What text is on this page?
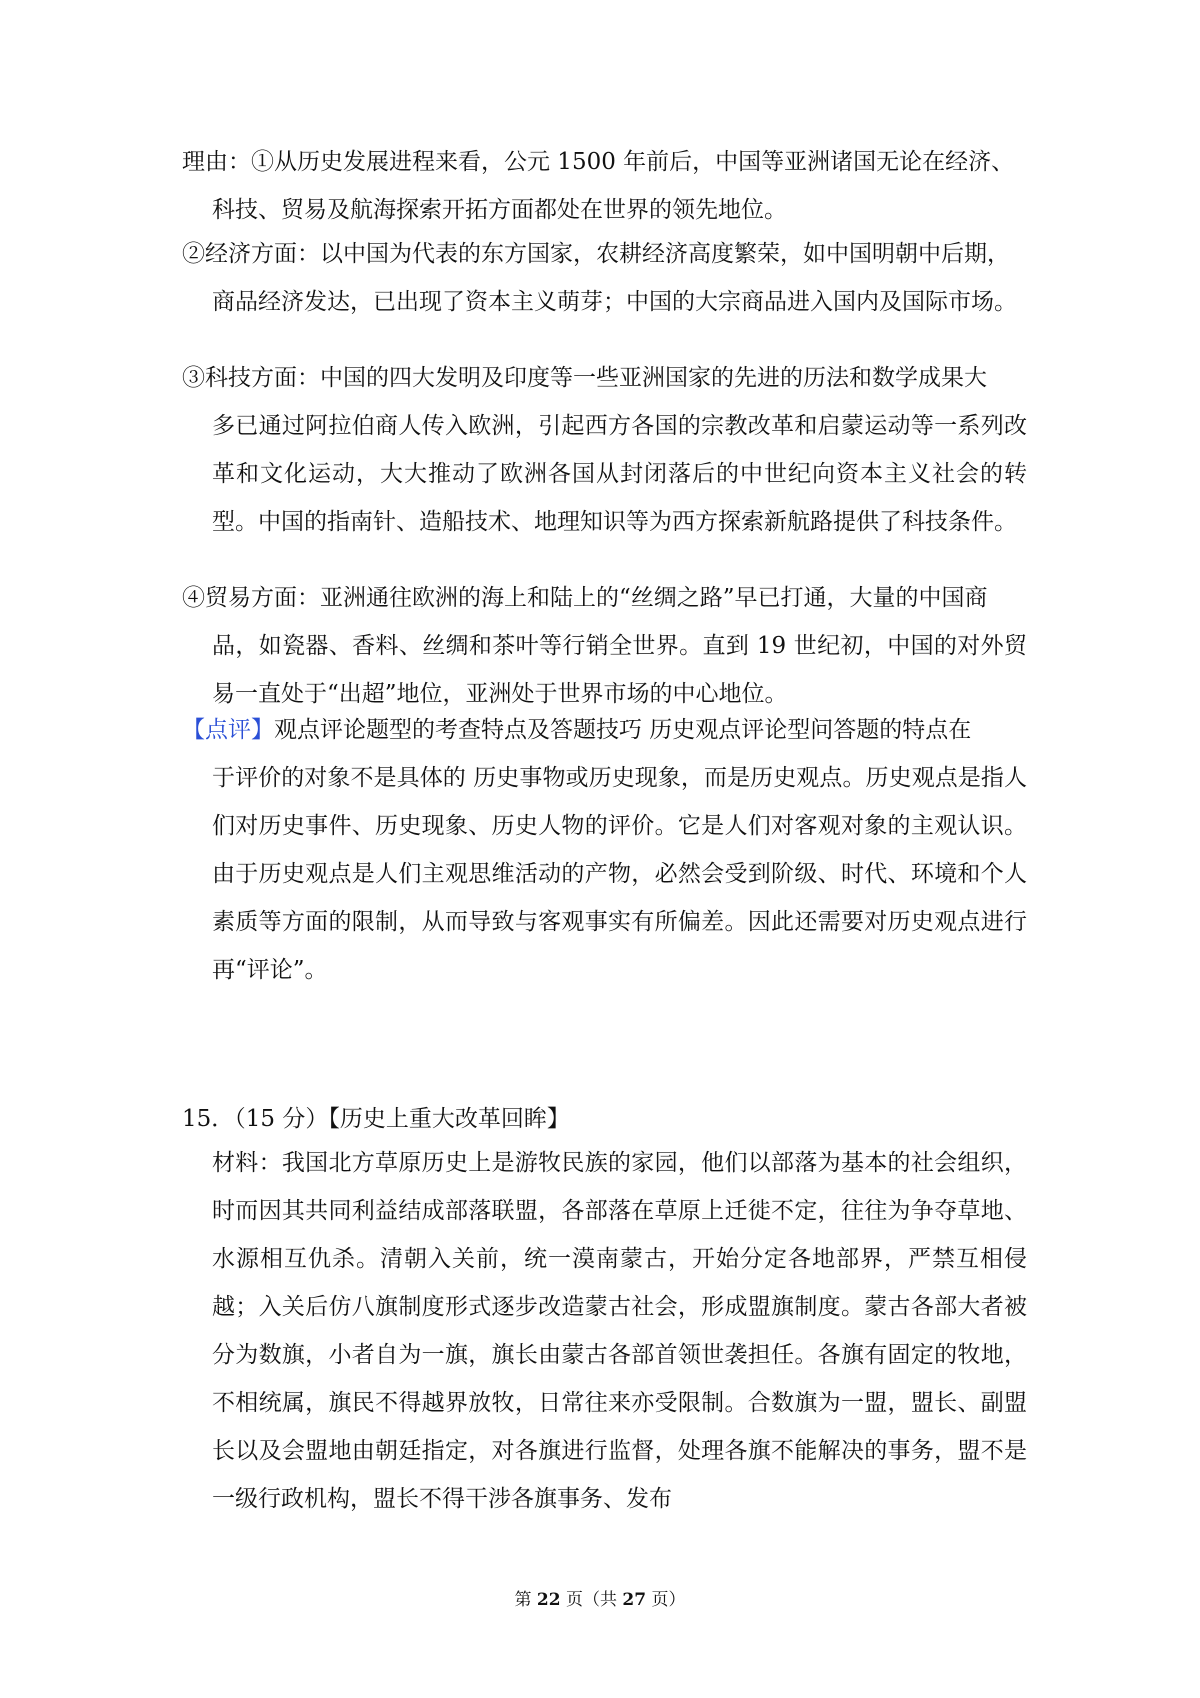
理由：①从历史发展进程来看，公元 1500 年前后，中国等亚洲诸国无论在经济、
科技、贸易及航海探索开拓方面都处在世界的领先地位。
②经济方面：以中国为代表的东方国家，农耕经济高度繁荣，如中国明朝中后期，
商品经济发达，已出现了资本主义萌芽；中国的大宗商品进入国内及国际市场。
③科技方面：中国的四大发明及印度等一些亚洲国家的先进的历法和数学成果大
多已通过阿拉伯商人传入欧洲，引起西方各国的宗教改革和启蒙运动等一系列改革和文化运动，大大推动了欧洲各国从封闭落后的中世纪向资本主义社会的转型。中国的指南针、造船技术、地理知识等为西方探索新航路提供了科技条件。
④贸易方面：亚洲通往欧洲的海上和陆上的“丝绸之路”早已打通，大量的中国商
品，如瓷器、香料、丝绸和茶叶等行销全世界。直到 19 世纪初，中国的对外贸易一直处于“出超”地位，亚洲处于世界市场的中心地位。
【点评】观点评论题型的考查特点及答题技巧 历史观点评论型问答题的特点在
于评价的对象不是具体的 历史事物或历史现象，而是历史观点。历史观点是指人们对历史事件、历史现象、历史人物的评价。它是人们对客观对象的主观认识。由于历史观点是人们主观思维活动的产物，必然会受到阶级、时代、环境和个人素质等方面的限制，从而导致与客观事实有所偏差。因此还需要对历史观点进行再“评论”。
15．（15 分）【历史上重大改革回眸】

材料：我国北方草原历史上是游牧民族的家园，他们以部落为基本的社会组织，时而因其共同利益结成部落联盟，各部落在草原上迁徙不定，往往为争夺草地、水源相互仇杀。清朝入关前，统一漠南蒙古，开始分定各地部界，严禁互相侵越；入关后仿八旗制度形式逐步改造蒙古社会，形成盟旗制度。蒙古各部大者被分为数旗，小者自为一旗，旗长由蒙古各部首领世袭担任。各旗有固定的牧地，不相统属，旗民不得越界放牧，日常往来亦受限制。合数旗为一盟，盟长、副盟长以及会盟地由朝廷指定，对各旗进行监督，处理各旗不能解决的事务，盟不是一级行政机构，盟长不得干涉各旗事务、发布

第 22 页（共 27 页）
